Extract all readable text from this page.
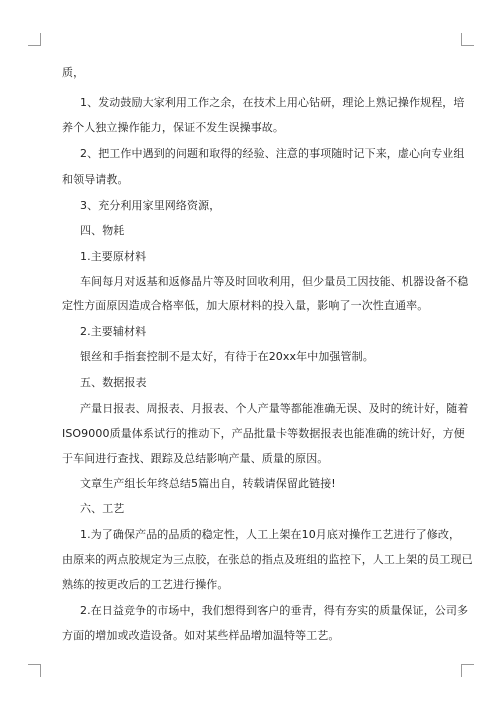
质，
1、发动鼓励大家利用工作之余，在技术上用心钻研，理论上熟记操作规程，培
养个人独立操作能力，保证不发生误操事故。
2、把工作中遇到的问题和取得的经验、注意的事项随时记下来，虚心向专业组
和领导请教。
3、充分利用家里网络资源，
四、物耗
1.主要原材料
车间每月对返基和返修晶片等及时回收利用，但少量员工因技能、机器设备不稳
定性方面原因造成合格率低，加大原材料的投入量，影响了一次性直通率。
2.主要辅材料
银丝和手指套控制不是太好，有待于在20xx年中加强管制。
五、数据报表
产量日报表、周报表、月报表、个人产量等都能准确无误、及时的统计好，随着
ISO9000质量体系试行的推动下，产品批量卡等数据报表也能准确的统计好，方便
于车间进行查找、跟踪及总结影响产量、质量的原因。
文章生产组长年终总结5篇出自，转载请保留此链接!
六、工艺
1.为了确保产品的品质的稳定性，人工上架在10月底对操作工艺进行了修改，
由原来的两点胶规定为三点胶，在张总的指点及班组的监控下，人工上架的员工现已
熟练的按更改后的工艺进行操作。
2.在日益竞争的市场中，我们想得到客户的垂青，得有夯实的质量保证，公司多
方面的增加或改造设备。如对某些样品增加温特等工艺。
